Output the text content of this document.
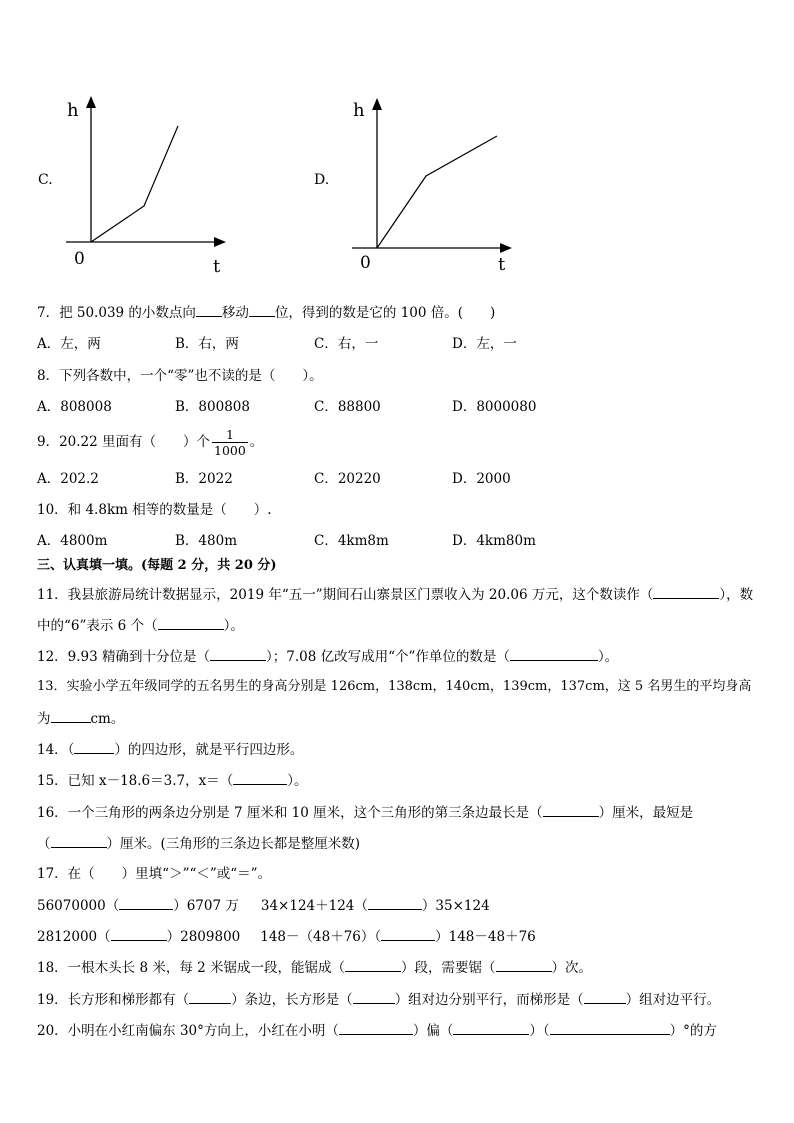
C.
h
t
0
D.
h
t
0
7．把 50.039 的小数点向 移动 位，得到的数是它的 100 倍。(　　)
A．左，两	B．右，两	C．右，一	D．左，一
8．下列各数中，一个“零”也不读的是（　　）。
A．808008	B．800808	C．88800	D．8000080
9．20.22 里面有（　　）个 $\frac{1}{1000}$ 。
A．202.2	B．2022	C．20220	D．2000
10．和 4.8km 相等的数量是（　　）.
A．4800m	B．480m	C．4km8m	D．4km80m
三、认真填一填。(每题 2 分，共 20 分)
11．我县旅游局统计数据显示，2019 年“五一”期间石山寨景区门票收入为 20.06 万元，这个数读作（	），数
中的“6”表示 6 个（	）。
12．9.93 精确到十分位是（	）；7.08 亿改写成用“个”作单位的数是（	）。
13．实验小学五年级同学的五名男生的身高分别是 126cm，138cm，140cm，139cm，137cm，这 5 名男生的平均身高
为	cm。
14．（	）的四边形，就是平行四边形。
15．已知 x－18.6＝3.7，x＝（	）。
16．一个三角形的两条边分别是 7 厘米和 10 厘米，这个三角形的第三条边最长是（	）厘米，最短是
（	）厘米。(三角形的三条边长都是整厘米数)
17．在（　　）里填“＞”“＜”或“＝”。
56070000（	）6707 万 34×124＋124（	）35×124
2812000（	）2809800 148－（48＋76）（	）148－48＋76
18．一根木头长 8 米，每 2 米锯成一段，能锯成（	）段，需要锯（	）次。
19．长方形和梯形都有（	）条边，长方形是（	）组对边分别平行，而梯形是（	）组对边平行。
20．小明在小红南偏东 30°方向上，小红在小明（	）偏（	）（	）°的方
